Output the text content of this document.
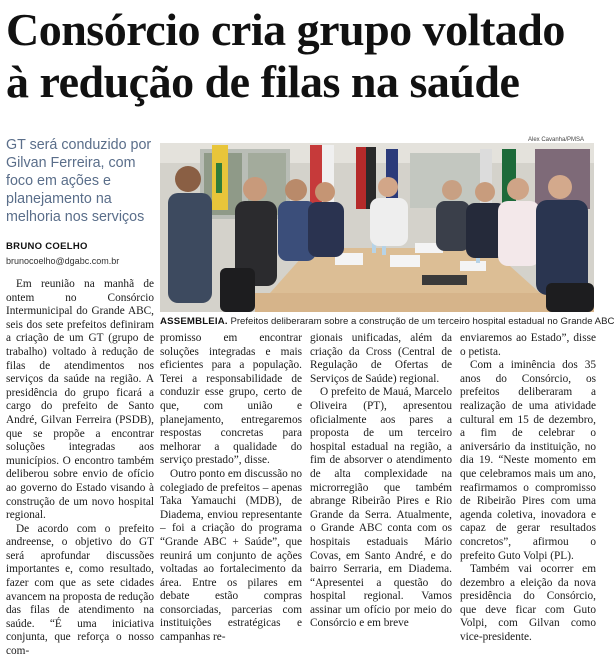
Consórcio cria grupo voltado
à redução de filas na saúde
GT será conduzido por Gilvan Ferreira, com foco em ações e planejamento na melhoria nos serviços
BRUNO COELHO
brunocoelho@dgabc.com.br
Alex Cavanha/PMSA
ASSEMBLEIA. Prefeitos deliberaram sobre a construção de um terceiro hospital estadual no Grande ABC

Em reunião na manhã de ontem no Consórcio Intermunicipal do Grande ABC, seis dos sete prefeitos definiram a criação de um GT (grupo de trabalho) voltado à redução de filas de atendimentos nos serviços da saúde na região. A presidência do grupo ficará a cargo do prefeito de Santo André, Gilvan Ferreira (PSDB), que se propõe a encontrar soluções integradas aos municípios. O encontro também deliberou sobre envio de ofício ao governo do Estado visando à construção de um novo hospital regional.

De acordo com o prefeito andreense, o objetivo do GT será aprofundar discussões importantes e, como resultado, fazer com que as sete cidades avancem na proposta de redução das filas de atendimento na saúde. “É uma iniciativa conjunta, que reforça o nosso com-

promisso em encontrar soluções integradas e mais eficientes para a população. Terei a responsabilidade de conduzir esse grupo, certo de que, com união e planejamento, entregaremos respostas concretas para melhorar a qualidade do serviço prestado”, disse.

Outro ponto em discussão no colegiado de prefeitos – apenas Taka Yamauchi (MDB), de Diadema, enviou representante – foi a criação do programa “Grande ABC + Saúde”, que reunirá um conjunto de ações voltadas ao fortalecimento da área. Entre os pilares em debate estão compras consorciadas, parcerias com instituições estratégicas e campanhas re-

gionais unificadas, além da criação da Cross (Central de Regulação de Ofertas de Serviços de Saúde) regional.

O prefeito de Mauá, Marcelo Oliveira (PT), apresentou oficialmente aos pares a proposta de um terceiro hospital estadual na região, a fim de absorver o atendimento de alta complexidade na microrregião que também abrange Ribeirão Pires e Rio Grande da Serra. Atualmente, o Grande ABC conta com os hospitais estaduais Mário Covas, em Santo André, e do bairro Serraria, em Diadema. “Apresentei a questão do hospital regional. Vamos assinar um ofício por meio do Consórcio e em breve

enviaremos ao Estado”, disse o petista.

Com a iminência dos 35 anos do Consórcio, os prefeitos deliberaram a realização de uma atividade cultural em 15 de dezembro, a fim de celebrar o aniversário da instituição, no dia 19. “Neste momento em que celebramos mais um ano, reafirmamos o compromisso de Ribeirão Pires com uma agenda coletiva, inovadora e capaz de gerar resultados concretos”, afirmou o prefeito Guto Volpi (PL).

Também vai ocorrer em dezembro a eleição da nova presidência do Consórcio, que deve ficar com Guto Volpi, com Gilvan como vice-presidente.
